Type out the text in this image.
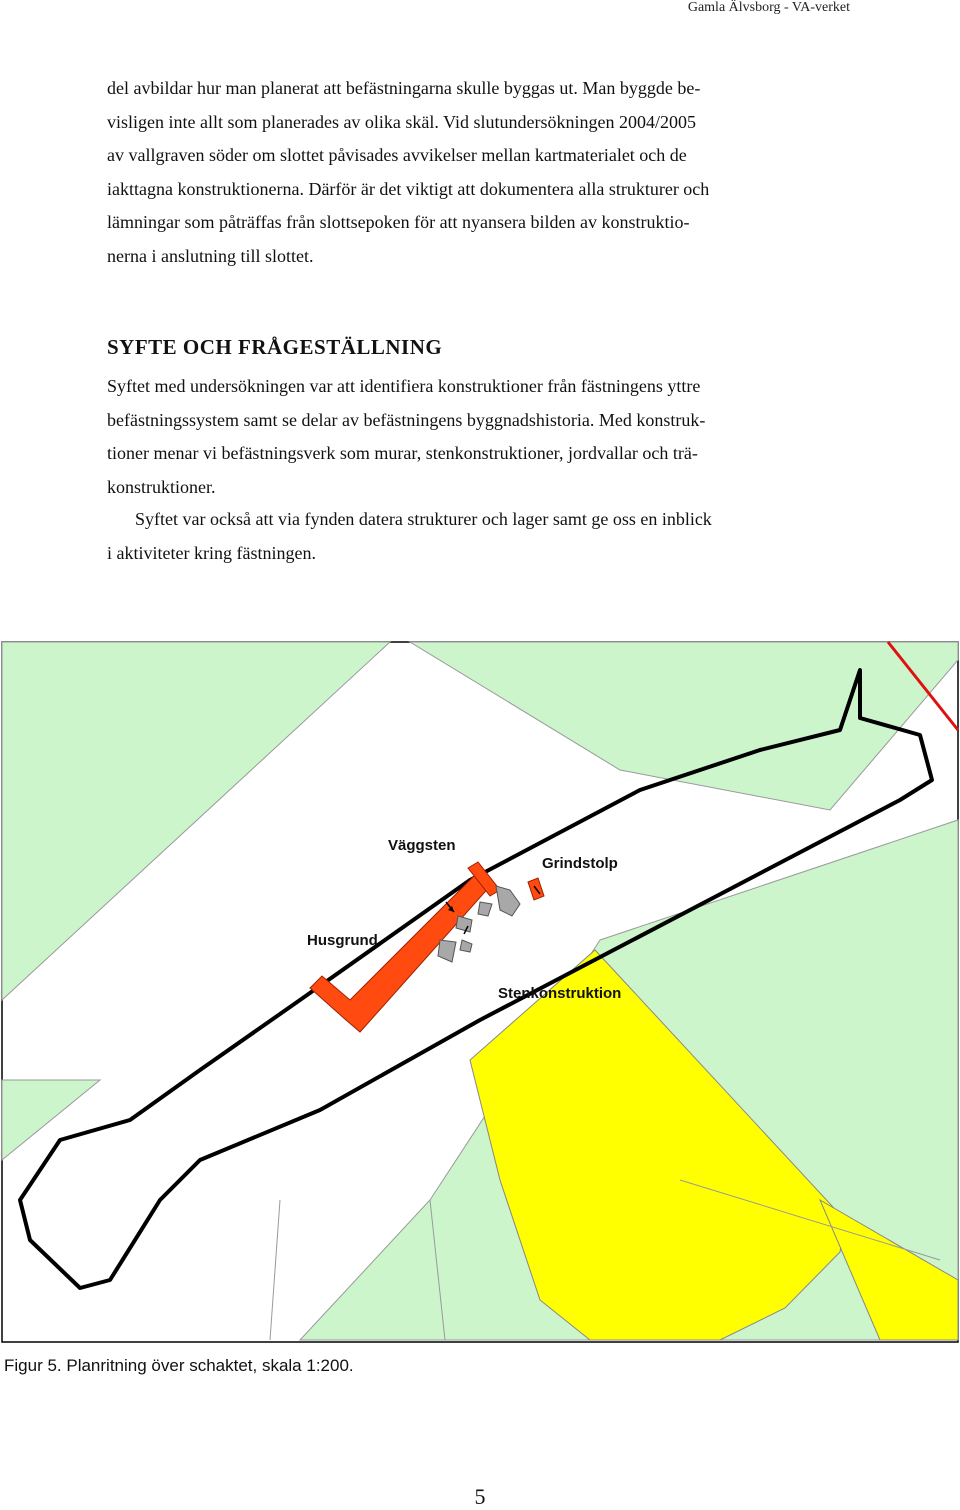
Gamla Älvsborg - VA-verket
del avbildar hur man planerat att befästningarna skulle byggas ut. Man byggde be-
visligen inte allt som planerades av olika skäl. Vid slutundersökningen 2004/2005
av vallgraven söder om slottet påvisades avvikelser mellan kartmaterialet och de
iakttagna konstruktionerna. Därför är det viktigt att dokumentera alla strukturer och
lämningar som påträffas från slottsepoken för att nyansera bilden av konstruktio-
nerna i anslutning till slottet.
SYFTE OCH FRÅGESTÄLLNING
Syftet med undersökningen var att identifiera konstruktioner från fästningens yttre
befästningssystem samt se delar av befästningens byggnadshistoria. Med konstruk-
tioner menar vi befästningsverk som murar, stenkonstruktioner, jordvallar och trä-
konstruktioner.
Syftet var också att via fynden datera strukturer och lager samt ge oss en inblick
i aktiviteter kring fästningen.
Väggsten
Grindstolp
Husgrund
Stenkonstruktion
Figur 5. Planritning över schaktet, skala 1:200.
5
